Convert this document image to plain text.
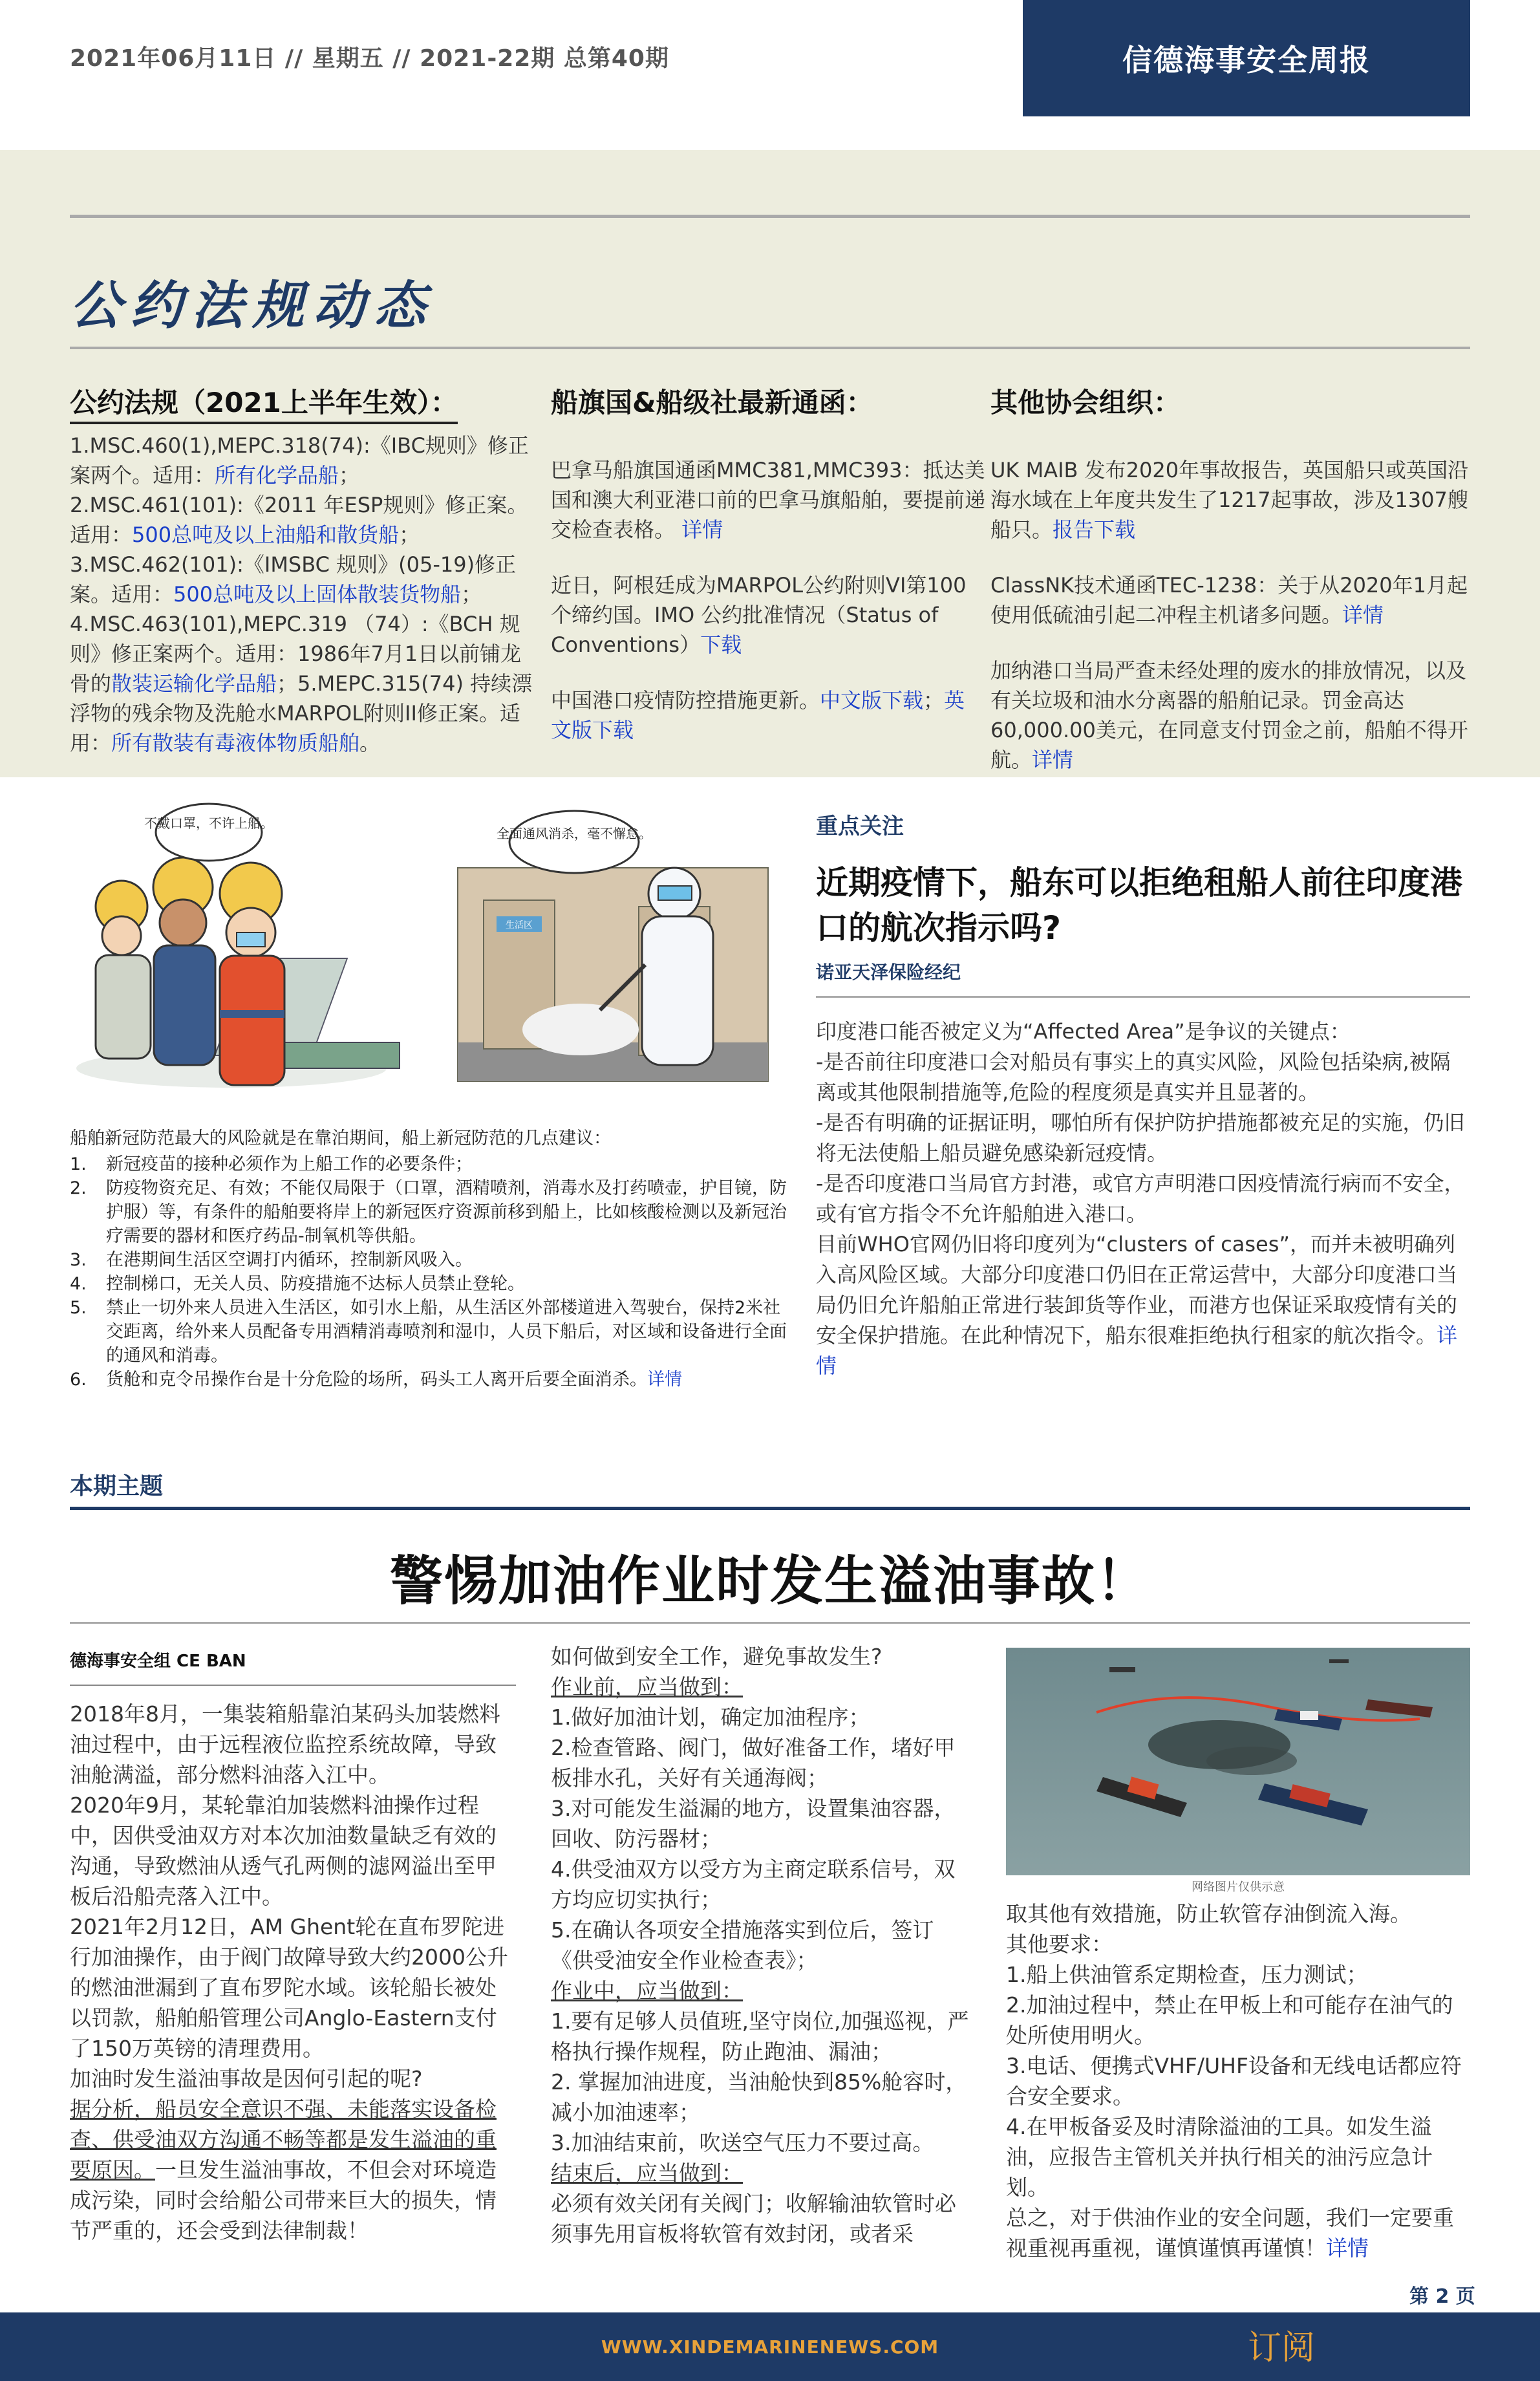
2021年06月11日 // 星期五 // 2021-22期 总第40期	信德海事安全周报
公约法规动态
公约法规（2021上半年生效）：
1.MSC.460(1),MEPC.318(74):《IBC规则》修正案两个。适用：所有化学品船；
2.MSC.461(101):《2011 年ESP规则》修正案。适用：500总吨及以上油船和散货船；
3.MSC.462(101):《IMSBC 规则》(05-19)修正案。适用：500总吨及以上固体散装货物船；
4.MSC.463(101),MEPC.319 （74）:《BCH 规则》修正案两个。适用：1986年7月1日以前铺龙骨的散装运输化学品船；5.MEPC.315(74) 持续漂浮物的残余物及洗舱水MARPOL附则II修正案。适用：所有散装有毒液体物质船舶。
船旗国&船级社最新通函：

巴拿马船旗国通函MMC381,MMC393：抵达美国和澳大利亚港口前的巴拿马旗船舶，要提前递交检查表格。 详情

近日，阿根廷成为MARPOL公约附则VI第100个缔约国。IMO 公约批准情况（Status of Conventions）下载

中国港口疫情防控措施更新。中文版下载；英文版下载

其他协会组织：

UK MAIB 发布2020年事故报告，英国船只或英国沿海水域在上年度共发生了1217起事故，涉及1307艘船只。报告下载

ClassNK技术通函TEC-1238：关于从2020年1月起使用低硫油引起二冲程主机诸多问题。详情

加纳港口当局严查未经处理的废水的排放情况，以及有关垃圾和油水分离器的船舶记录。罚金高达60,000.00美元，在同意支付罚金之前，船舶不得开航。详情

不戴口罩，不许上船。
生活区
全面通风消杀，毫不懈怠。
船舶新冠防范最大的风险就是在靠泊期间，船上新冠防范的几点建议：
1.	新冠疫苗的接种必须作为上船工作的必要条件；
2.	防疫物资充足、有效；不能仅局限于（口罩，酒精喷剂，消毒水及打药喷壶，护目镜，防护服）等，有条件的船舶要将岸上的新冠医疗资源前移到船上，比如核酸检测以及新冠治疗需要的器材和医疗药品-制氧机等供船。
3.	在港期间生活区空调打内循环，控制新风吸入。
4.	控制梯口，无关人员、防疫措施不达标人员禁止登轮。
5.	禁止一切外来人员进入生活区，如引水上船，从生活区外部楼道进入驾驶台，保持2米社交距离，给外来人员配备专用酒精消毒喷剂和湿巾，人员下船后，对区域和设备进行全面的通风和消毒。
6.	货舱和克令吊操作台是十分危险的场所，码头工人离开后要全面消杀。详情
重点关注
近期疫情下，船东可以拒绝租船人前往印度港口的航次指示吗?
诺亚天泽保险经纪
印度港口能否被定义为“Affected Area”是争议的关键点：
-是否前往印度港口会对船员有事实上的真实风险，风险包括染病,被隔离或其他限制措施等,危险的程度须是真实并且显著的。
-是否有明确的证据证明，哪怕所有保护防护措施都被充足的实施，仍旧将无法使船上船员避免感染新冠疫情。
-是否印度港口当局官方封港，或官方声明港口因疫情流行病而不安全，或有官方指令不允许船舶进入港口。
目前WHO官网仍旧将印度列为“clusters of cases”，而并未被明确列入高风险区域。大部分印度港口仍旧在正常运营中，大部分印度港口当局仍旧允许船舶正常进行装卸货等作业，而港方也保证采取疫情有关的安全保护措施。在此种情况下，船东很难拒绝执行租家的航次指令。详情
本期主题
警惕加油作业时发生溢油事故！
德海事安全组 CE BAN
2018年8月，一集装箱船靠泊某码头加装燃料油过程中，由于远程液位监控系统故障，导致油舱满溢，部分燃料油落入江中。
2020年9月，某轮靠泊加装燃料油操作过程中，因供受油双方对本次加油数量缺乏有效的沟通，导致燃油从透气孔两侧的滤网溢出至甲板后沿船壳落入江中。
2021年2月12日，AM Ghent轮在直布罗陀进行加油操作，由于阀门故障导致大约2000公升的燃油泄漏到了直布罗陀水域。该轮船长被处以罚款，船舶船管理公司Anglo-Eastern支付了150万英镑的清理费用。
加油时发生溢油事故是因何引起的呢?
据分析，船员安全意识不强、未能落实设备检查、供受油双方沟通不畅等都是发生溢油的重要原因。一旦发生溢油事故，不但会对环境造成污染，同时会给船公司带来巨大的损失，情节严重的，还会受到法律制裁！
如何做到安全工作，避免事故发生?
作业前，应当做到：
1.做好加油计划，确定加油程序；
2.检查管路、阀门，做好准备工作，堵好甲板排水孔，关好有关通海阀；
3.对可能发生溢漏的地方，设置集油容器，回收、防污器材；
4.供受油双方以受方为主商定联系信号，双方均应切实执行；
5.在确认各项安全措施落实到位后，签订《供受油安全作业检查表》；
作业中，应当做到：
1.要有足够人员值班,坚守岗位,加强巡视，严格执行操作规程，防止跑油、漏油；
2. 掌握加油进度，当油舱快到85%舱容时，减小加油速率；
3.加油结束前，吹送空气压力不要过高。
结束后，应当做到：
必须有效关闭有关阀门；收解输油软管时必须事先用盲板将软管有效封闭，或者采
网络图片仅供示意
取其他有效措施，防止软管存油倒流入海。
其他要求：
1.船上供油管系定期检查，压力测试；
2.加油过程中，禁止在甲板上和可能存在油气的处所使用明火。
3.电话、便携式VHF/UHF设备和无线电话都应符合安全要求。
4.在甲板备妥及时清除溢油的工具。如发生溢油，应报告主管机关并执行相关的油污应急计划。
总之，对于供油作业的安全问题，我们一定要重视重视再重视，谨慎谨慎再谨慎！详情
第 2 页
WWW.XINDEMARINENEWS.COM	订阅
